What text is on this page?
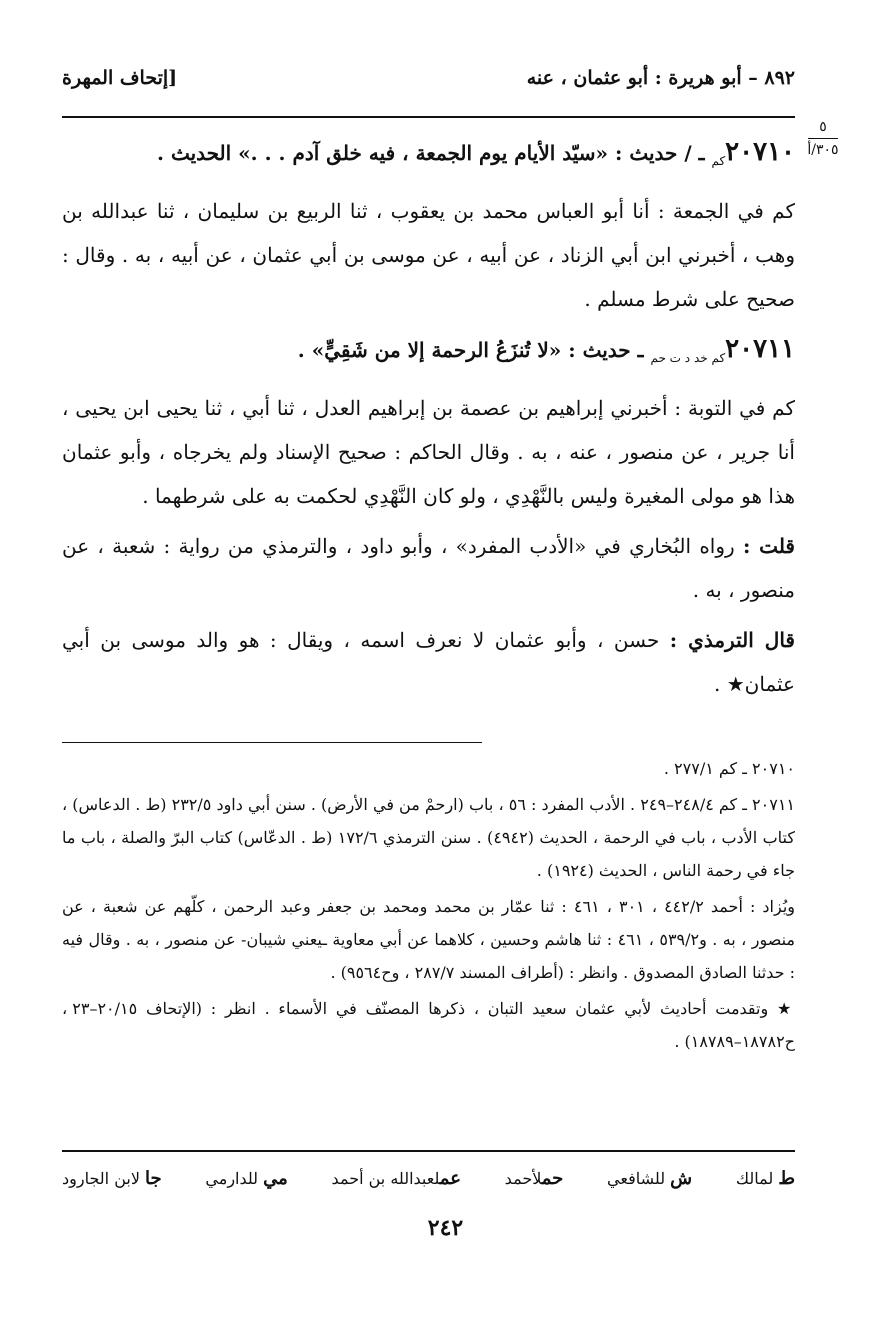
٨٩٢ – أبو هريرة : أبو عثمان ، عنه
[إتحاف المهرة
٥
٣٠٥/أ

$٢٠٧١٠_{كم}$ ـ / حديث : «سيّد الأيام يوم الجمعة ، فيه خلق آدم . . .» الحديث .

كم في الجمعة : أنا أبو العباس محمد بن يعقوب ، ثنا الربيع بن سليمان ، ثنا عبدالله بن وهب ، أخبرني ابن أبي الزناد ، عن أبيه ، عن موسى بن أبي عثمان ، عن أبيه ، به . وقال : صحيح على شرط مسلم .

$٢٠٧١١_{كم خد د ت حم}$ ـ حديث : «لا تُنزَعُ الرحمة إلا من شَقِيٍّ» .

كم في التوبة : أخبرني إبراهيم بن عصمة بن إبراهيم العدل ، ثنا أبي ، ثنا يحيى ابن يحيى ، أنا جرير ، عن منصور ، عنه ، به . وقال الحاكم : صحيح الإسناد ولم يخرجاه ، وأبو عثمان هذا هو مولى المغيرة وليس بالنَّهْدِي ، ولو كان النَّهْدِي لحكمت به على شرطهما .

قلت : رواه البُخاري في «الأدب المفرد» ، وأبو داود ، والترمذي من رواية : شعبة ، عن منصور ، به .

قال الترمذي : حسن ، وأبو عثمان لا نعرف اسمه ، ويقال : هو والد موسى بن أبي عثمان★ .

٢٠٧١٠ ـ كم ٢٧٧/١ .

٢٠٧١١ ـ كم ٢٤٨/٤–٢٤٩ . الأدب المفرد : ٥٦ ، باب (ارحمْ من في الأرض) . سنن أبي داود ٢٣٢/٥ (ط . الدعاس) ، كتاب الأدب ، باب في الرحمة ، الحديث (٤٩٤٢) . سنن الترمذي ١٧٢/٦ (ط . الدعّاس) كتاب البرّ والصلة ، باب ما جاء في رحمة الناس ، الحديث (١٩٢٤) .

ويُزاد : أحمد ٤٤٢/٢ ، ٣٠١ ، ٤٦١ : ثنا عمّار بن محمد ومحمد بن جعفر وعبد الرحمن ، كلّهم عن شعبة ، عن منصور ، به . و٥٣٩/٢ ، ٤٦١ : ثنا هاشم وحسين ، كلاهما عن أبي معاوية ـيعني شيبان- عن منصور ، به . وقال فيه : حدثنا الصادق المصدوق . وانظر : (أطراف المسند ٢٨٧/٧ ، وح٩٥٦٤) .

★ وتقدمت أحاديث لأبي عثمان سعيد التبان ، ذكرها المصنّف في الأسماء . انظر : (الإتحاف ٢٠/١٥–٢٣ ، ح١٨٧٨٢–١٨٧٨٩) .

ط لمالك
ش للشافعي
حملأحمد
عملعبدالله بن أحمد
مي للدارمي
جا لابن الجارود
٢٤٢
